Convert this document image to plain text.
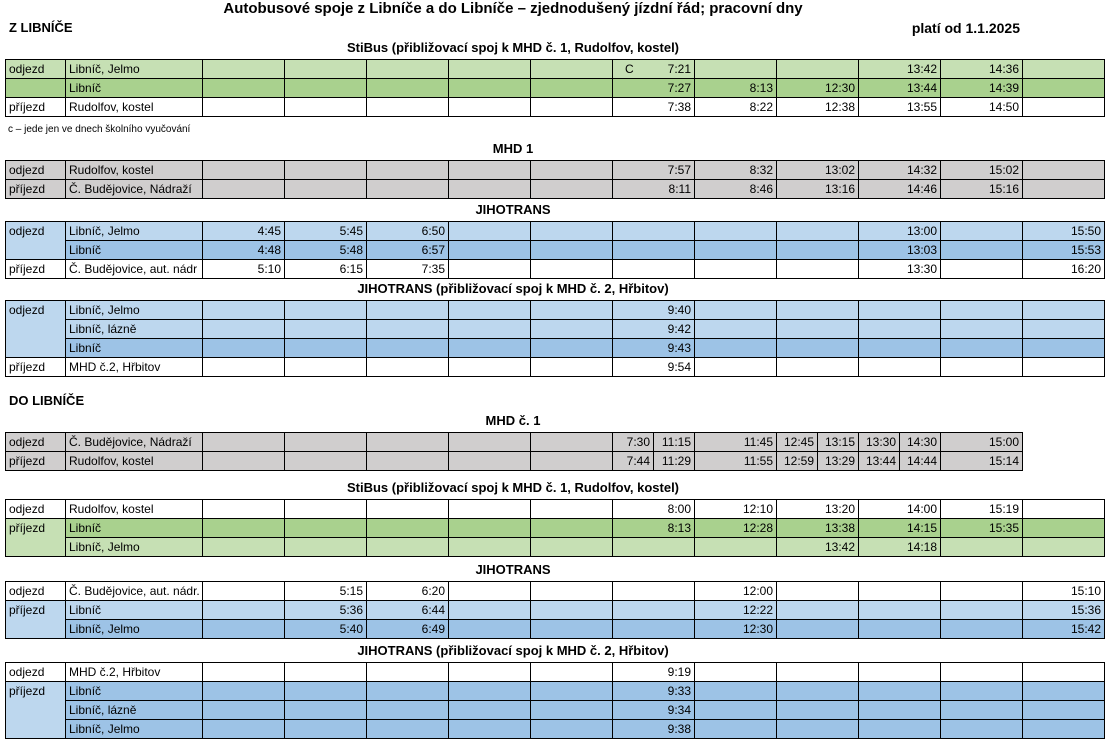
Autobusové spoje z Libníče a do Libníče – zjednodušený jízdní řád; pracovní dny
Z LIBNÍČE	platí od 1.1.2025
StiBus (přibližovací spoj k MHD č. 1, Rudolfov, kostel)
odjezd	Libníč, Jelmo						C 7:21			13:42	14:36		
	Libníč						7:27	8:13	12:30	13:44	14:39		
příjezd	Rudolfov, kostel						7:38	8:22	12:38	13:55	14:50		
c – jede jen ve dnech školního vyučování
MHD 1
odjezd	Rudolfov, kostel						7:57	8:32	13:02	14:32	15:02		
příjezd	Č. Budějovice, Nádraží						8:11	8:46	13:16	14:46	15:16		
JIHOTRANS
odjezd	Libníč, Jelmo	4:45	5:45	6:50						13:00		15:50	
	Libníč	4:48	5:48	6:57						13:03		15:53	
příjezd	Č. Budějovice, aut. nádr	5:10	6:15	7:35						13:30		16:20	
JIHOTRANS (přibližovací spoj k MHD č. 2, Hřbitov)
odjezd	Libníč, Jelmo						9:40						
	Libníč, lázně						9:42						
	Libníč						9:43						
příjezd	MHD č.2, Hřbitov						9:54						
DO LIBNÍČE
MHD č. 1
odjezd	Č. Budějovice, Nádraží						7:30	11:15	11:45	12:45	13:15	13:30	14:30	15:00	
příjezd	Rudolfov, kostel						7:44	11:29	11:55	12:59	13:29	13:44	14:44	15:14	
StiBus (přibližovací spoj k MHD č. 1, Rudolfov, kostel)
odjezd	Rudolfov, kostel						8:00	12:10	13:20	14:00	15:19		
příjezd	Libníč						8:13	12:28	13:38	14:15	15:35		
	Libníč, Jelmo								13:42	14:18			
JIHOTRANS
odjezd	Č. Budějovice, aut. nádr.		5:15	6:20				12:00				15:10	
příjezd	Libníč		5:36	6:44				12:22				15:36	
	Libníč, Jelmo		5:40	6:49				12:30				15:42	
JIHOTRANS (přibližovací spoj k MHD č. 2, Hřbitov)
odjezd	MHD č.2, Hřbitov						9:19						
příjezd	Libníč						9:33						
	Libníč, lázně						9:34						
	Libníč, Jelmo						9:38						
